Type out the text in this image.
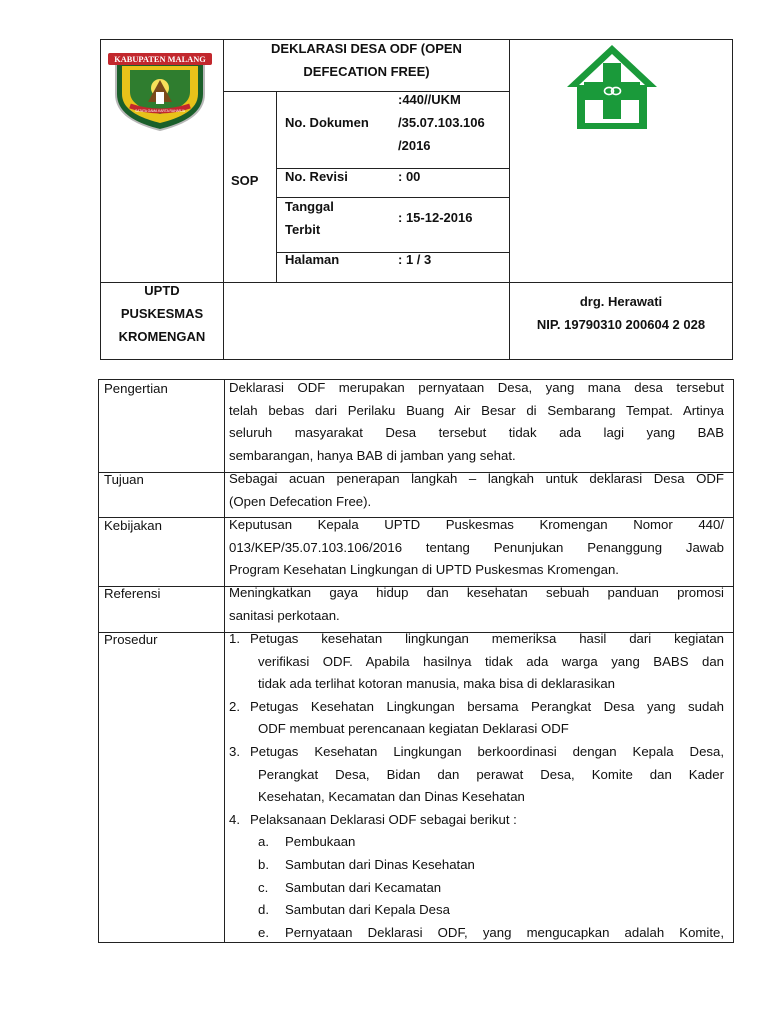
KABUPATEN MALANG
SATATA GAMA KARTA RAHARJA
DEKLARASI DESA ODF (OPEN
DEFECATION FREE)
SOP
No. Dokumen
:440//UKM
/35.07.103.106
/2016
No. Revisi	: 00
Tanggal
Terbit
: 15-12-2016
Halaman	: 1 / 3
UPTD
PUSKESMAS
KROMENGAN
drg. Herawati
NIP. 19790310 200604 2 028
Pengertian	Deklarasi ODF merupakan pernyataan Desa, yang mana desa tersebut
telah bebas dari Perilaku Buang Air Besar di Sembarang Tempat. Artinya
seluruh masyarakat Desa tersebut tidak ada lagi yang BAB
sembarangan, hanya BAB di jamban yang sehat.
Tujuan	Sebagai acuan penerapan langkah – langkah untuk deklarasi Desa ODF
(Open Defecation Free).
Kebijakan	Keputusan Kepala UPTD Puskesmas Kromengan Nomor 440/
013/KEP/35.07.103.106/2016 tentang Penunjukan Penanggung Jawab
Program Kesehatan Lingkungan di UPTD Puskesmas Kromengan.
Referensi	Meningkatkan gaya hidup dan kesehatan sebuah panduan promosi
sanitasi perkotaan.
Prosedur	1. Petugas kesehatan lingkungan memeriksa hasil dari kegiatan
verifikasi ODF. Apabila hasilnya tidak ada warga yang BABS dan
tidak ada terlihat kotoran manusia, maka bisa di deklarasikan
2. Petugas Kesehatan Lingkungan bersama Perangkat Desa yang sudah
ODF membuat perencanaan kegiatan Deklarasi ODF
3. Petugas Kesehatan Lingkungan berkoordinasi dengan Kepala Desa,
Perangkat Desa, Bidan dan perawat Desa, Komite dan Kader
Kesehatan, Kecamatan dan Dinas Kesehatan
4. Pelaksanaan Deklarasi ODF sebagai berikut :
a. Pembukaan
b. Sambutan dari Dinas Kesehatan
c. Sambutan dari Kecamatan
d. Sambutan dari Kepala Desa
e. Pernyataan Deklarasi ODF, yang mengucapkan adalah Komite,
